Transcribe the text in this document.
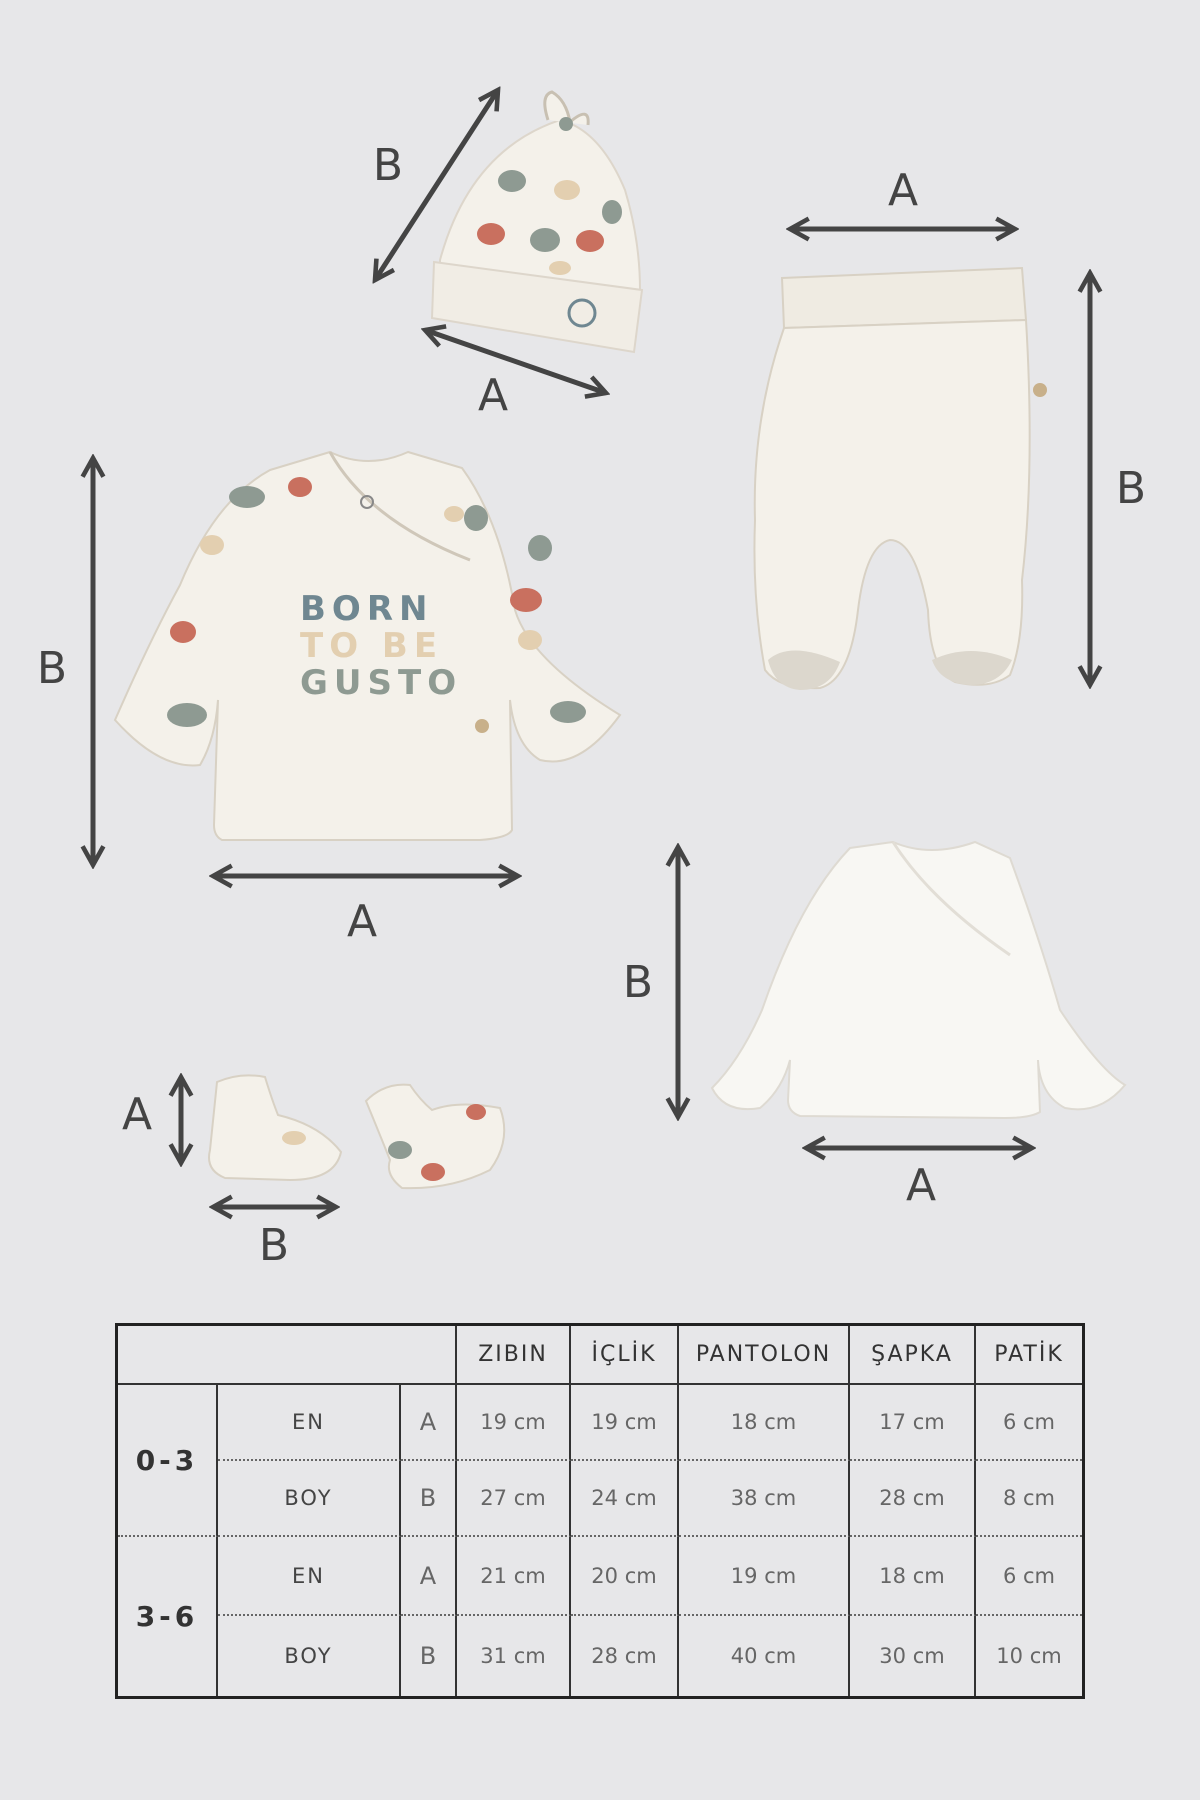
B
A
A
B
BORN
TO BE
GUSTO
B
A
B
A
A
B
ZIBIN	İÇLİK	PANTOLON	ŞAPKA	PATİK
0-3
EN	A	19 cm	19 cm	18 cm	17 cm	6 cm
BOY	B	27 cm	24 cm	38 cm	28 cm	8 cm
3-6
EN	A	21 cm	20 cm	19 cm	18 cm	6 cm
BOY	B	31 cm	28 cm	40 cm	30 cm	10 cm
